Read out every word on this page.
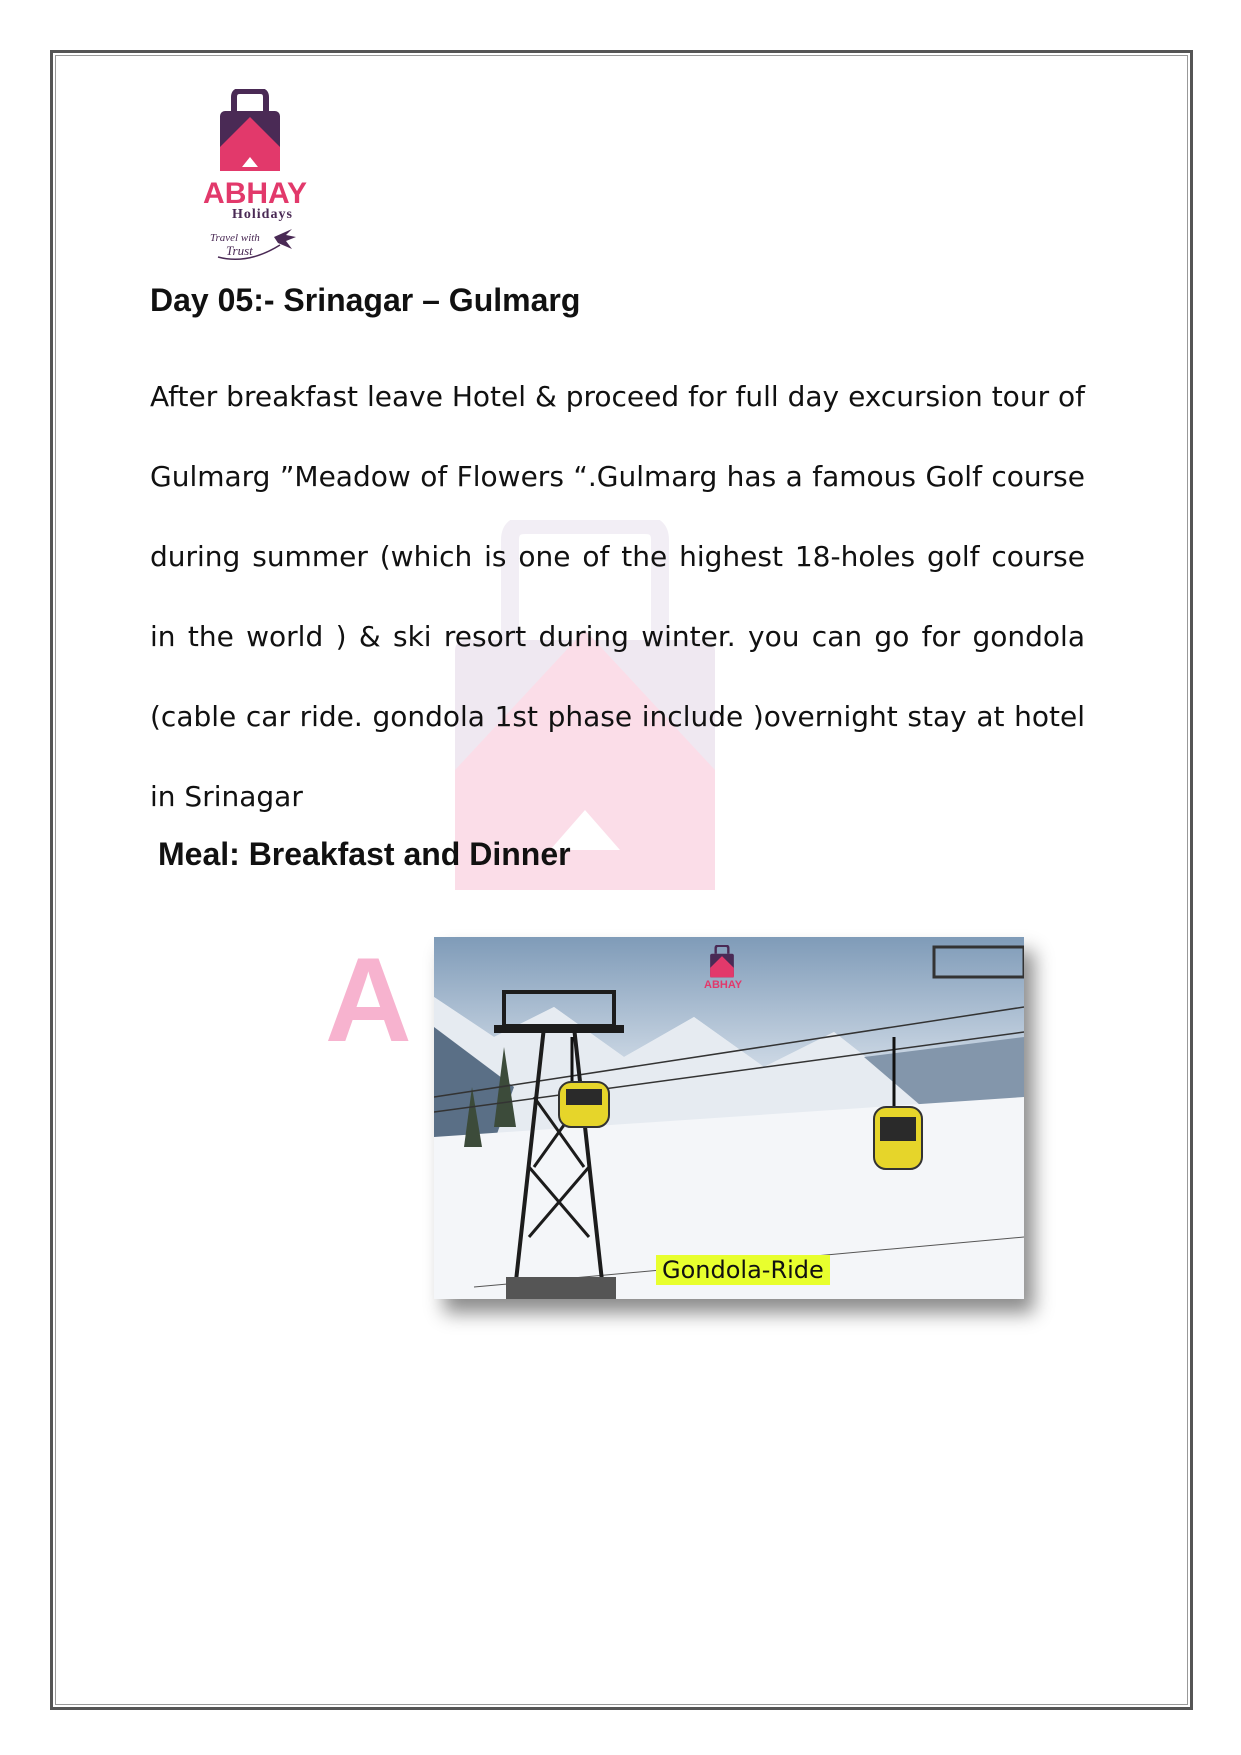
A
ABHAY
Holidays
Travel with
Trust
Day 05:- Srinagar – Gulmarg

After breakfast leave Hotel & proceed for full day excursion tour of Gulmarg ”Meadow of Flowers “.Gulmarg has a famous Golf course during summer (which is one of the highest 18-holes golf course in the world ) & ski resort during winter. you can go for gondola (cable car ride. gondola 1st phase include )overnight stay at hotel in Srinagar

Meal: Breakfast and Dinner

ABHAY
Gondola-Ride
